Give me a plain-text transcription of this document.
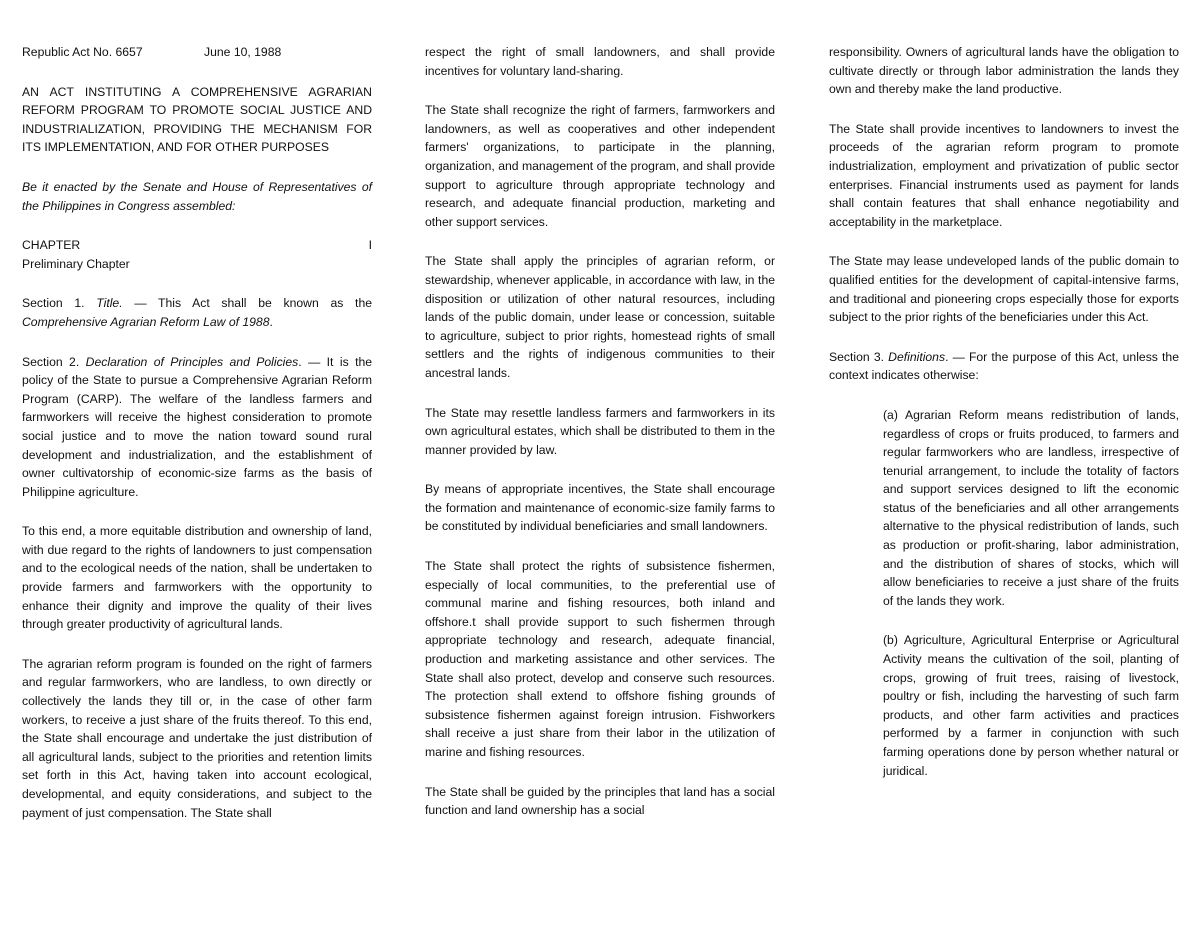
Republic Act No. 6657	June 10, 1988

AN ACT INSTITUTING A COMPREHENSIVE AGRARIAN REFORM PROGRAM TO PROMOTE SOCIAL JUSTICE AND INDUSTRIALIZATION, PROVIDING THE MECHANISM FOR ITS IMPLEMENTATION, AND FOR OTHER PURPOSES

Be it enacted by the Senate and House of Representatives of the Philippines in Congress assembled:

CHAPTER	I
Preliminary Chapter

Section 1. Title. — This Act shall be known as the Comprehensive Agrarian Reform Law of 1988.

Section 2. Declaration of Principles and Policies. — It is the policy of the State to pursue a Comprehensive Agrarian Reform Program (CARP). The welfare of the landless farmers and farmworkers will receive the highest consideration to promote social justice and to move the nation toward sound rural development and industrialization, and the establishment of owner cultivatorship of economic-size farms as the basis of Philippine agriculture.

To this end, a more equitable distribution and ownership of land, with due regard to the rights of landowners to just compensation and to the ecological needs of the nation, shall be undertaken to provide farmers and farmworkers with the opportunity to enhance their dignity and improve the quality of their lives through greater productivity of agricultural lands.

The agrarian reform program is founded on the right of farmers and regular farmworkers, who are landless, to own directly or collectively the lands they till or, in the case of other farm workers, to receive a just share of the fruits thereof. To this end, the State shall encourage and undertake the just distribution of all agricultural lands, subject to the priorities and retention limits set forth in this Act, having taken into account ecological, developmental, and equity considerations, and subject to the payment of just compensation. The State shall

respect the right of small landowners, and shall provide incentives for voluntary land-sharing.

The State shall recognize the right of farmers, farmworkers and landowners, as well as cooperatives and other independent farmers' organizations, to participate in the planning, organization, and management of the program, and shall provide support to agriculture through appropriate technology and research, and adequate financial production, marketing and other support services.

The State shall apply the principles of agrarian reform, or stewardship, whenever applicable, in accordance with law, in the disposition or utilization of other natural resources, including lands of the public domain, under lease or concession, suitable to agriculture, subject to prior rights, homestead rights of small settlers and the rights of indigenous communities to their ancestral lands.

The State may resettle landless farmers and farmworkers in its own agricultural estates, which shall be distributed to them in the manner provided by law.

By means of appropriate incentives, the State shall encourage the formation and maintenance of economic-size family farms to be constituted by individual beneficiaries and small landowners.

The State shall protect the rights of subsistence fishermen, especially of local communities, to the preferential use of communal marine and fishing resources, both inland and offshore.t shall provide support to such fishermen through appropriate technology and research, adequate financial, production and marketing assistance and other services. The State shall also protect, develop and conserve such resources. The protection shall extend to offshore fishing grounds of subsistence fishermen against foreign intrusion. Fishworkers shall receive a just share from their labor in the utilization of marine and fishing resources.

The State shall be guided by the principles that land has a social function and land ownership has a social

responsibility. Owners of agricultural lands have the obligation to cultivate directly or through labor administration the lands they own and thereby make the land productive.

The State shall provide incentives to landowners to invest the proceeds of the agrarian reform program to promote industrialization, employment and privatization of public sector enterprises. Financial instruments used as payment for lands shall contain features that shall enhance negotiability and acceptability in the marketplace.

The State may lease undeveloped lands of the public domain to qualified entities for the development of capital-intensive farms, and traditional and pioneering crops especially those for exports subject to the prior rights of the beneficiaries under this Act.

Section 3. Definitions. — For the purpose of this Act, unless the context indicates otherwise:

(a) Agrarian Reform means redistribution of lands, regardless of crops or fruits produced, to farmers and regular farmworkers who are landless, irrespective of tenurial arrangement, to include the totality of factors and support services designed to lift the economic status of the beneficiaries and all other arrangements alternative to the physical redistribution of lands, such as production or profit-sharing, labor administration, and the distribution of shares of stocks, which will allow beneficiaries to receive a just share of the fruits of the lands they work.

(b) Agriculture, Agricultural Enterprise or Agricultural Activity means the cultivation of the soil, planting of crops, growing of fruit trees, raising of livestock, poultry or fish, including the harvesting of such farm products, and other farm activities and practices performed by a farmer in conjunction with such farming operations done by person whether natural or juridical.
